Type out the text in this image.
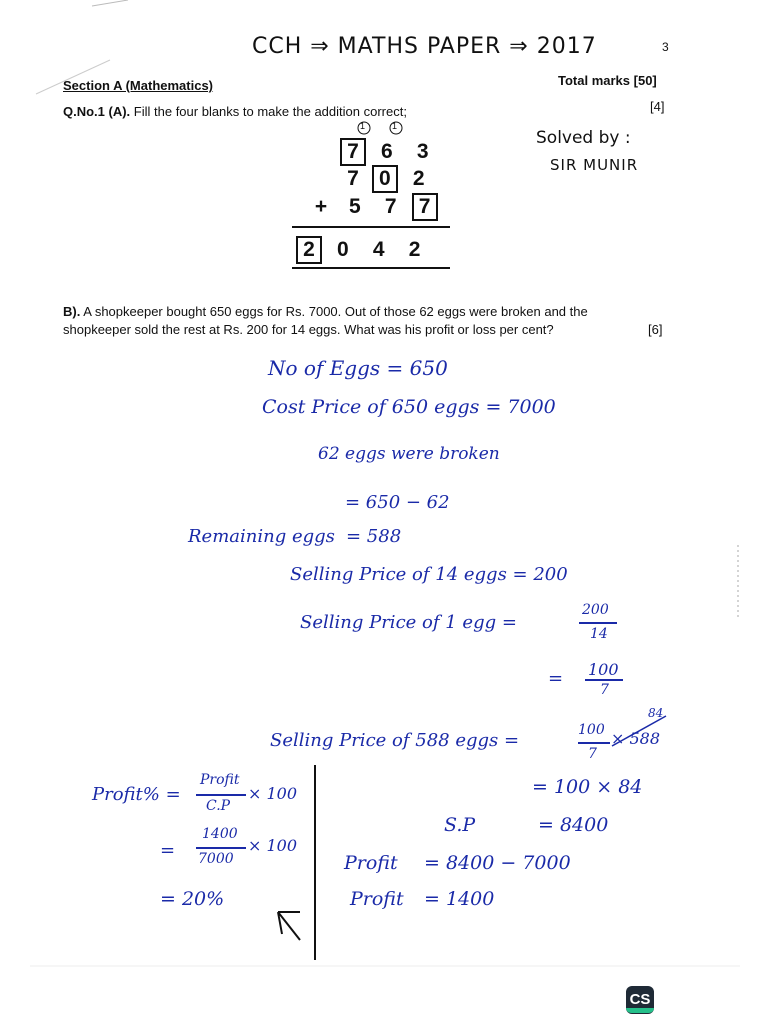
3
CCH ⇒ MATHS PAPER ⇒ 2017
Section A (Mathematics)	Total marks [50]
Q.No.1 (A). Fill the four blanks to make the addition correct;	[4]
Solved by :
SIR MUNIR
1	1
7 6 3
7 0 2
+ 5 7 7
2 0 4 2
B). A shopkeeper bought 650 eggs for Rs. 7000. Out of those 62 eggs were broken and the
shopkeeper sold the rest at Rs. 200 for 14 eggs. What was his profit or loss per cent?	[6]
No of Eggs = 650
Cost Price of 650 eggs = 7000
62 eggs were broken
= 650 − 62
Remaining eggs = 588
Selling Price of 14 eggs = 200
Selling Price of 1 egg =
200
14
= 100
7
Selling Price of 588 eggs =	100
7
× 588
84
= 100 × 84
S.P	= 8400
Profit = 8400 − 7000
Profit = 1400
Profit% =
Profit
C.P
× 100
=
1400
7000
× 100
= 20%
CS
